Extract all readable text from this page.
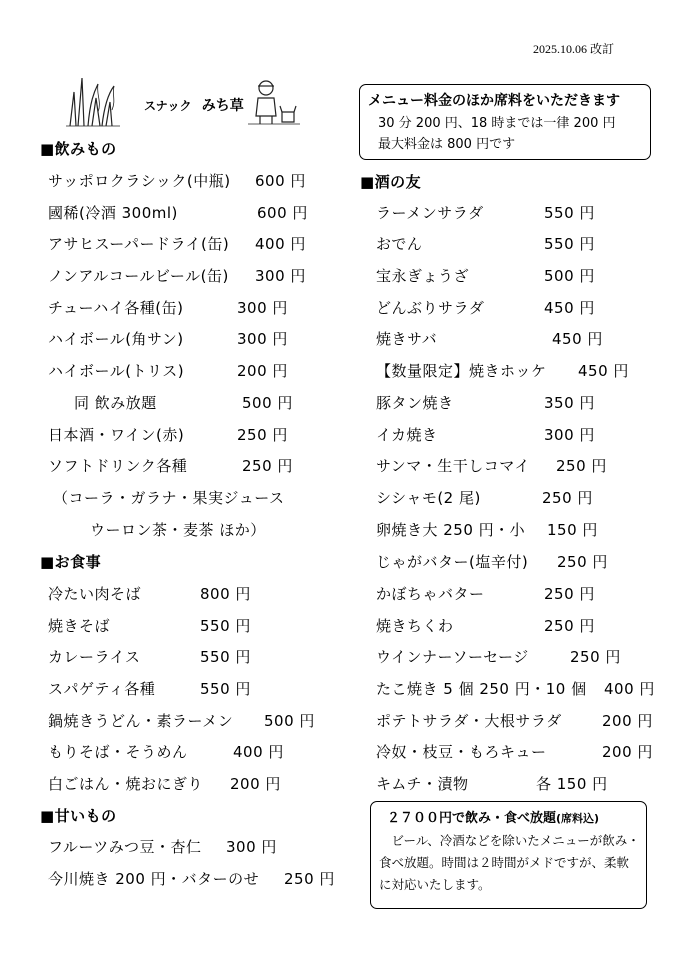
2025.10.06 改訂
スナック みち草	メニュー料金のほか席料をいただきます
30 分 200 円、18 時までは一律 200 円
最大料金は 800 円です
■飲みもの
サッポロクラシック(中瓶) 600 円
國稀(冷酒 300ml)	600 円
アサヒスーパードライ(缶) 400 円
ノンアルコールビール(缶) 300 円
チューハイ各種(缶)	300 円
ハイボール(角サン)	300 円
ハイボール(トリス)	200 円
同 飲み放題	500 円
日本酒・ワイン(赤)	250 円
ソフトドリンク各種	250 円
（コーラ・ガラナ・果実ジュース
ウーロン茶・麦茶 ほか）
■お食事
冷たい肉そば	800 円
焼きそば	550 円
カレーライス	550 円
スパゲティ各種	550 円
鍋焼きうどん・素ラーメン 500 円
もりそば・そうめん	400 円
白ごはん・焼おにぎり 200 円
■甘いもの
フルーツみつ豆・杏仁 300 円
今川焼き 200 円・バターのせ 250 円
■酒の友
ラーメンサラダ	550 円
おでん	550 円
宝永ぎょうざ	500 円
どんぶりサラダ	450 円
焼きサバ	450 円
【数量限定】焼きホッケ 450 円
豚タン焼き	350 円
イカ焼き	300 円
サンマ・生干しコマイ 250 円
シシャモ(2 尾)	250 円
卵焼き大 250 円・小 150 円
じゃがバター(塩辛付) 250 円
かぼちゃバター	250 円
焼きちくわ	250 円
ウインナーソーセージ	250 円
たこ焼き 5 個 250 円・10 個 400 円
ポテトサラダ・大根サラダ	200 円
冷奴・枝豆・もろキュー	200 円
キムチ・漬物	各 150 円
２７００円で飲み・食べ放題(席料込)
ビール、冷酒などを除いたメニューが飲み・食べ放題。時間は２時間がメドですが、柔軟に対応いたします。
